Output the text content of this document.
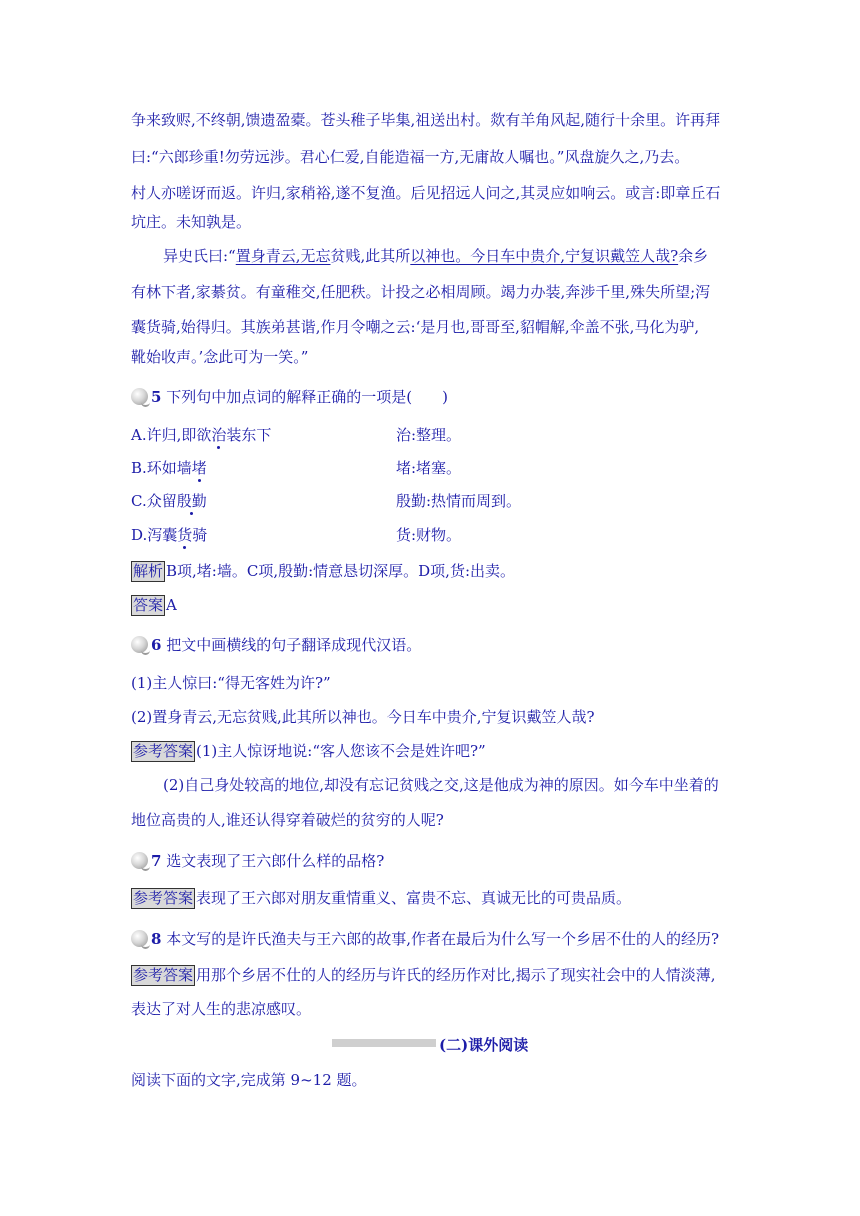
争来致赆,不终朝,馈遗盈橐。苍头稚子毕集,祖送出村。欻有羊角风起,随行十余里。许再拜
曰:“六郎珍重!勿劳远涉。君心仁爱,自能造福一方,无庸故人嘱也。”风盘旋久之,乃去。
村人亦嗟讶而返。许归,家稍裕,遂不复渔。后见招远人问之,其灵应如响云。或言:即章丘石
坑庄。未知孰是。
异史氏曰:“置身青云,无忘贫贱,此其所以神也。今日车中贵介,宁复识戴笠人哉?余乡
有林下者,家綦贫。有童稚交,任肥秩。计投之必相周顾。竭力办装,奔涉千里,殊失所望;泻
囊货骑,始得归。其族弟甚谐,作月令嘲之云:‘是月也,哥哥至,貂帽解,伞盖不张,马化为驴,
靴始收声。’念此可为一笑。”
5 下列句中加点词的解释正确的一项是(　　)
A.许归,即欲治装东下	治:整理。
B.环如墙堵	堵:堵塞。
C.众留殷勤	殷勤:热情而周到。
D.泻囊货骑	货:财物。
解析 B项,堵:墙。C项,殷勤:情意恳切深厚。D项,货:出卖。
答案 A
6 把文中画横线的句子翻译成现代汉语。
(1)主人惊曰:“得无客姓为许?”
(2)置身青云,无忘贫贱,此其所以神也。今日车中贵介,宁复识戴笠人哉?
参考答案 (1)主人惊讶地说:“客人您该不会是姓许吧?”
(2)自己身处较高的地位,却没有忘记贫贱之交,这是他成为神的原因。如今车中坐着的
地位高贵的人,谁还认得穿着破烂的贫穷的人呢?
7 选文表现了王六郎什么样的品格?
参考答案 表现了王六郎对朋友重情重义、富贵不忘、真诚无比的可贵品质。
8 本文写的是许氏渔夫与王六郎的故事,作者在最后为什么写一个乡居不仕的人的经历?
参考答案 用那个乡居不仕的人的经历与许氏的经历作对比,揭示了现实社会中的人情淡薄,
表达了对人生的悲凉感叹。
(二)课外阅读
阅读下面的文字,完成第 9~12 题。
